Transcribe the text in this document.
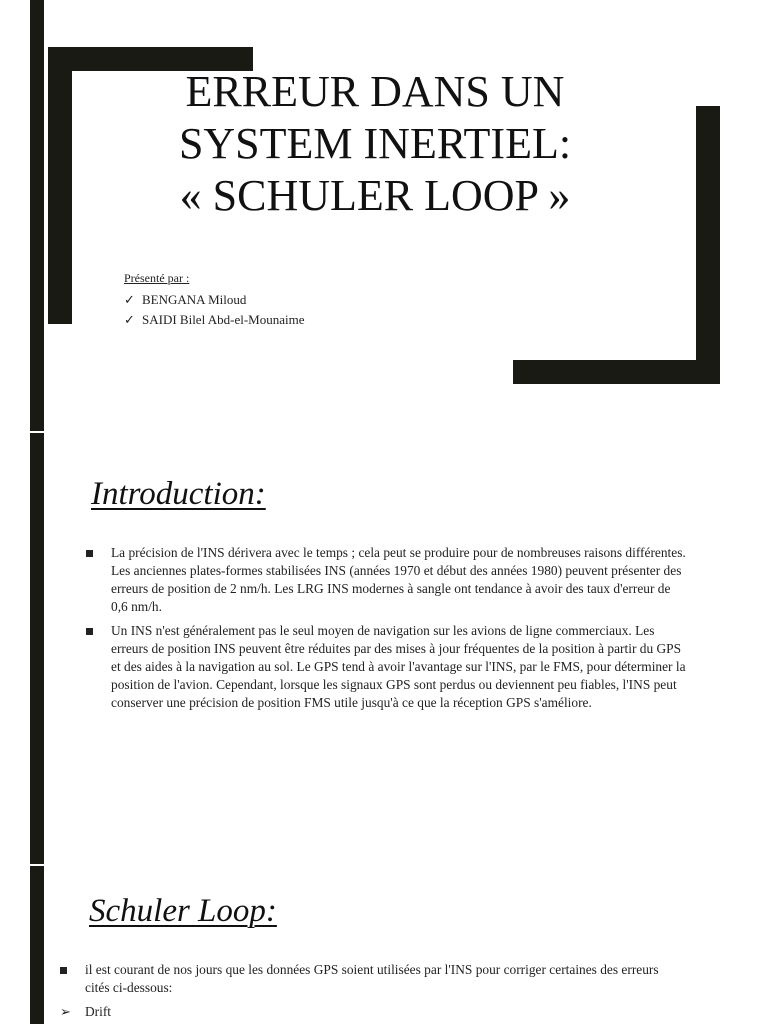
ERREUR DANS UN
SYSTEM INERTIEL:
« SCHULER LOOP »
Présenté par :
✓ BENGANA Miloud
✓ SAIDI Bilel Abd-el-Mounaime
Introduction:
La précision de l'INS dérivera avec le temps ; cela peut se produire pour de nombreuses raisons différentes. Les anciennes plates-formes stabilisées INS (années 1970 et début des années 1980) peuvent présenter des erreurs de position de 2 nm/h. Les LRG INS modernes à sangle ont tendance à avoir des taux d'erreur de 0,6 nm/h.
Un INS n'est généralement pas le seul moyen de navigation sur les avions de ligne commerciaux. Les erreurs de position INS peuvent être réduites par des mises à jour fréquentes de la position à partir du GPS et des aides à la navigation au sol. Le GPS tend à avoir l'avantage sur l'INS, par le FMS, pour déterminer la position de l'avion. Cependant, lorsque les signaux GPS sont perdus ou deviennent peu fiables, l'INS peut conserver une précision de position FMS utile jusqu'à ce que la réception GPS s'améliore.
Schuler Loop:
il est courant de nos jours que les données GPS soient utilisées par l'INS pour corriger certaines des erreurs cités ci-dessous:
➢	Drift
